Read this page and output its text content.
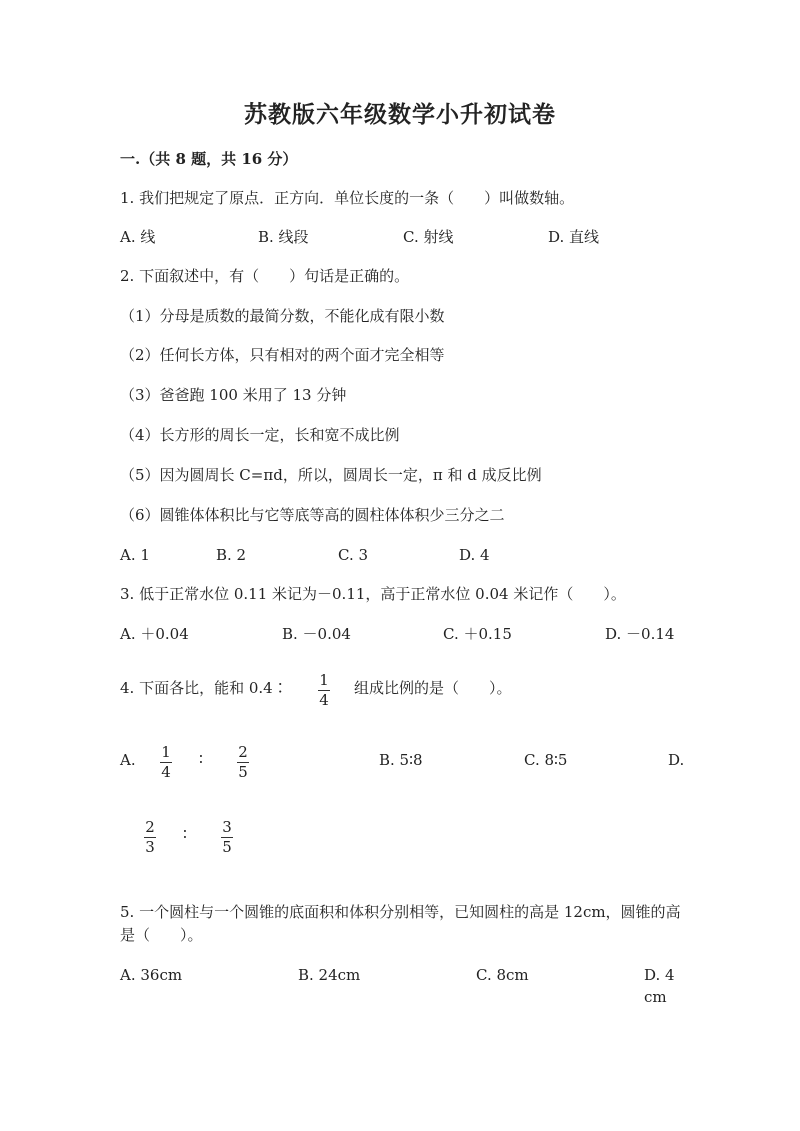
苏教版六年级数学小升初试卷
一.（共 8 题，共 16 分）
1. 我们把规定了原点．正方向．单位长度的一条（　　）叫做数轴。
A. 线	B. 线段	C. 射线	D. 直线
2. 下面叙述中，有（　　）句话是正确的。
（1）分母是质数的最简分数，不能化成有限小数
（2）任何长方体，只有相对的两个面才完全相等
（3）爸爸跑 100 米用了 13 分钟
（4）长方形的周长一定，长和宽不成比例
（5）因为圆周长 C=πd，所以，圆周长一定，π 和 d 成反比例
（6）圆锥体体积比与它等底等高的圆柱体体积少三分之二
A. 1	B. 2	C. 3	D. 4
3. 低于正常水位 0.11 米记为－0.11，高于正常水位 0.04 米记作（　　）。
A. ＋0.04	B. －0.04	C. ＋0.15	D. －0.14
4. 下面各比，能和 0.4∶ 1
4
组成比例的是（　　）。
A. 1
4
∶ 2
5
B. 5∶8	C. 8∶5	D.
2
3
∶ 3
5
5. 一个圆柱与一个圆锥的底面积和体积分别相等，已知圆柱的高是 12cm，圆锥的高是（　　）。
A. 36cm	B. 24cm	C. 8cm	D. 4cm
